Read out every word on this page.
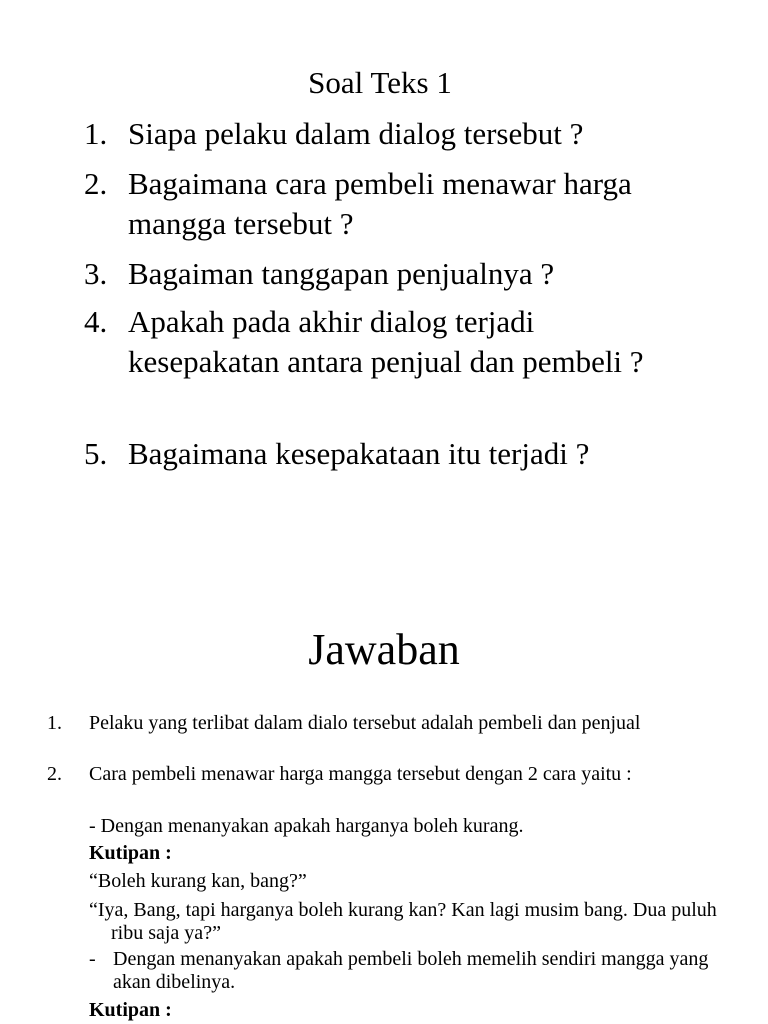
Soal Teks 1
1. Siapa pelaku dalam dialog tersebut ?
2. Bagaimana cara pembeli menawar harga mangga tersebut ?
3. Bagaiman tanggapan penjualnya ?
4. Apakah pada akhir dialog terjadi kesepakatan antara penjual dan pembeli ?
5. Bagaimana kesepakataan itu terjadi ?
Jawaban
1. Pelaku yang terlibat dalam dialo tersebut adalah pembeli dan penjual
2. Cara pembeli menawar harga mangga tersebut dengan 2 cara yaitu :
- Dengan menanyakan apakah harganya boleh kurang.
Kutipan :
“Boleh kurang kan, bang?”
“Iya, Bang, tapi harganya boleh kurang kan? Kan lagi musim bang. Dua puluh ribu saja ya?”
- Dengan menanyakan apakah pembeli boleh memelih sendiri mangga yang akan dibelinya.
Kutipan :
